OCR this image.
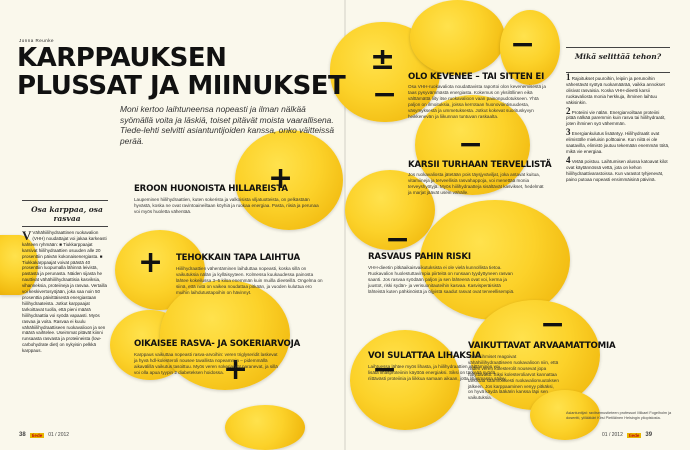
+
±
−
−
−
−
+
+	−
−
Jonna Reunke
KARPPAUKSEN
PLUSSAT JA MIINUKSET
Moni kertoo laihtuneensa nopeasti ja ilman nälkää syömällä voita ja läskiä, toiset pitävät moista vaarallisena. Tiede-lehti selvitti asiantuntijoiden kanssa, onko väitteissä perää.
Osa karppaa, osa rasvaa
V Vähähiilihydraattinen ruokavalion (VHH) noudattajat voi jakaa karkeasti kahteen ryhmään: ■ Tiukkarppaajat karsivat hiilihydraattien osuuden alle 20 prosenttiin päivän kokonaisenergiasta. ■ Tiukkakarppaajat voivat päästä 40 prosenttiin luopumalla lähinnä leivistä, pastasta ja perunasta. Näiden sijasta he nauttivat vähähiilihydraattisia kasviksia, vihanneksia, proteiineja ja rasvaa. Vertailla voi keskivertosyöjään, joka saa noin 50 prosenttia päivittäisestä energiastaan hiilihydraateista. Jotkut karppaajat tarkoittavat tuolla, että pieni määrä hiilihydraattia voi syödä vapaasti. Myös rasvaa ja voita. Rasvaa ei kuulu vähähiilihydraattiseen ruokavalioon ja sen määrä vaihtelee. Useimmat pitävät kiinni runsaasta rasvasta ja proteiineista (low-carbohydrate diet) on nykyisin pelkkä karppaus.
EROON HUONOISTA HILLAREISTA
Laupeminen hiilihydraattien, kuten sokerista ja valkoisista viljatuotteista, on pelkästään hyvästä, koska ne ovat ravintoaineiltaan köyhiä ja ruokaa energiaa. Pasta, riisiä ja perunaa voi myös huoletta vähentää.
TEHOKKAIN TAPA LAIHTUA
Hiilihydraattien vähentäminen laihduttaa nopeasti, koska sillä on vaikutuksia nälän ja kylläisyyteen. Kolmessa kuukaudessa painosta lähtee kokeilussa 3–5 kiloa enemmän kuin muilla dieeteillä. Ongelma on siinä, että niitä on vaikea noudattaa pitkään, ja vuoden kuluttua ero muihin laihdutustapoihin on hävinnyt.
OIKAISEE RASVA- JA SOKERIARVOJA
Karppaus vaikuttaa nopeasti rasva-arvoihin: veren triglyseridit laskevat ja hyvä hdl-kolesteroli nousee tavallista nopeammin – pidemmällä aikavälillä vaikutus tasoittuu. Myös veren sokeriarvot paranevat, ja sillä voi olla apua tyypin 2 diabeteksen hoidossa.
OLO KEVENEE – TAI SITTEN EI
Osa VHH-ruokavaliota noudattavista raportoi olon kevenemisestä ja taas pysyvämmästä energiasta. Kokemus on yksilöllinen eikä välttämättä liity itse ruokavalioon vaan painonpudotukseen. Yhtä paljon on ilmoituksia, joissa kerrotaan huonovointisuudesta, väsymyksestä ja ummetuksesta. Jotkut kokevat suorituskyvyn heikkenevän ja liikunnan tuntuvan raskaalta.
KARSII TURHAAN TERVELLISTÄ
Jos ruokavaliosta jätetään pois täysjyväviljat, joka antavat kuitua, vitamiineja ja terveellisiä rasvahappoja, voi menettää monia terveyshyötyjä. Myös hiilihydraatteja sisältävät kasvikset, hedelmät ja marjat jäävät usein vähälle.
RASVAUS PAHIN RISKI
VHH-dieetin pitkäaikaisvaikutuksista ei ole vielä kunnollista tietoa. Ruokavalion huolestuttavimpia piirteitä on runsaan tyydyttyneen rasvan saanti. Jos rasvaa syödään paljon ja sen lähteenä ovat voi, kerma ja juustot, riski sydän- ja verisuonitauteihin kasvaa. Kasvisperäisistä lähteistä kuten pähkinöistä ja öljyistä saadut rasvat ovat terveellisempiä.
VOI SULATTAA LIHAKSIA
Laihtuessa lähtee myös lihasta, ja hiilihydraattien välttäminen voi lisätä lihasproteiinin käyttöä energiaksi. Siksi on tärkeää syödä riittävästi proteiinia ja liikkua samaan aikaan, jotta lihasmassa säilyy.
VAIKUTTAVAT ARVAAMATTOMIA
Jotkut ihmiset reagoivat vähähiilihydraattiseen ruokavalioon niin, että niiden veren kolesterolit nousevat jopa hälyttävästi. Siksi kolesteroliarvot kannattaa tarkistaa säännöllisesti ruokavaliomuutoksen jälkeen. Jos karppaaminen venyy pitkäksi, on hyvä käydä lääkärin kanssa läpi sen vaikutuksia.
Mikä selittää tehon?

1 Rajoitukset puuroihin, leipiin ja perunoihin vähentävät syötyä ruokamäärää, vaikka annokset olisivat rasvaisia. Koska VHH-dieetti karsii ruokavaliosta monia herkkuja, ihminen laihtuu väkisinkin.

2 Proteiini vie nälän. Energiarvoiltaan proteiini pitää nälkää paremmin kuin rasva tai hiilihydraatit, joten ihminen syö vähemmän.

3 Energiankulutus lisääntyy. Hiilihydraatit ovat elimistölle mieluisin polttoaine. Kun niitä ei ole saatavilla, elimistö joutuu tekemään enemmän töitä, mikä vie energiaa.

4 Vetää poistuu. Laihtumisen alussa katoavat kilot ovat käytännössä vettä, jota on kehon hiilihydraattivarastoissa. Kun varastot tyhjenevät, paino putoaa nopeasti ensimmäisinä päivinä.

Asiantuntijat: ravitsemustieteen professori Mikael Fogelholm ja dosentti, ylilääkäri Kirsi Pietiläinen Helsingin yliopistosta.
38	tiede	01 / 2012	01 / 2012	tiede	39
